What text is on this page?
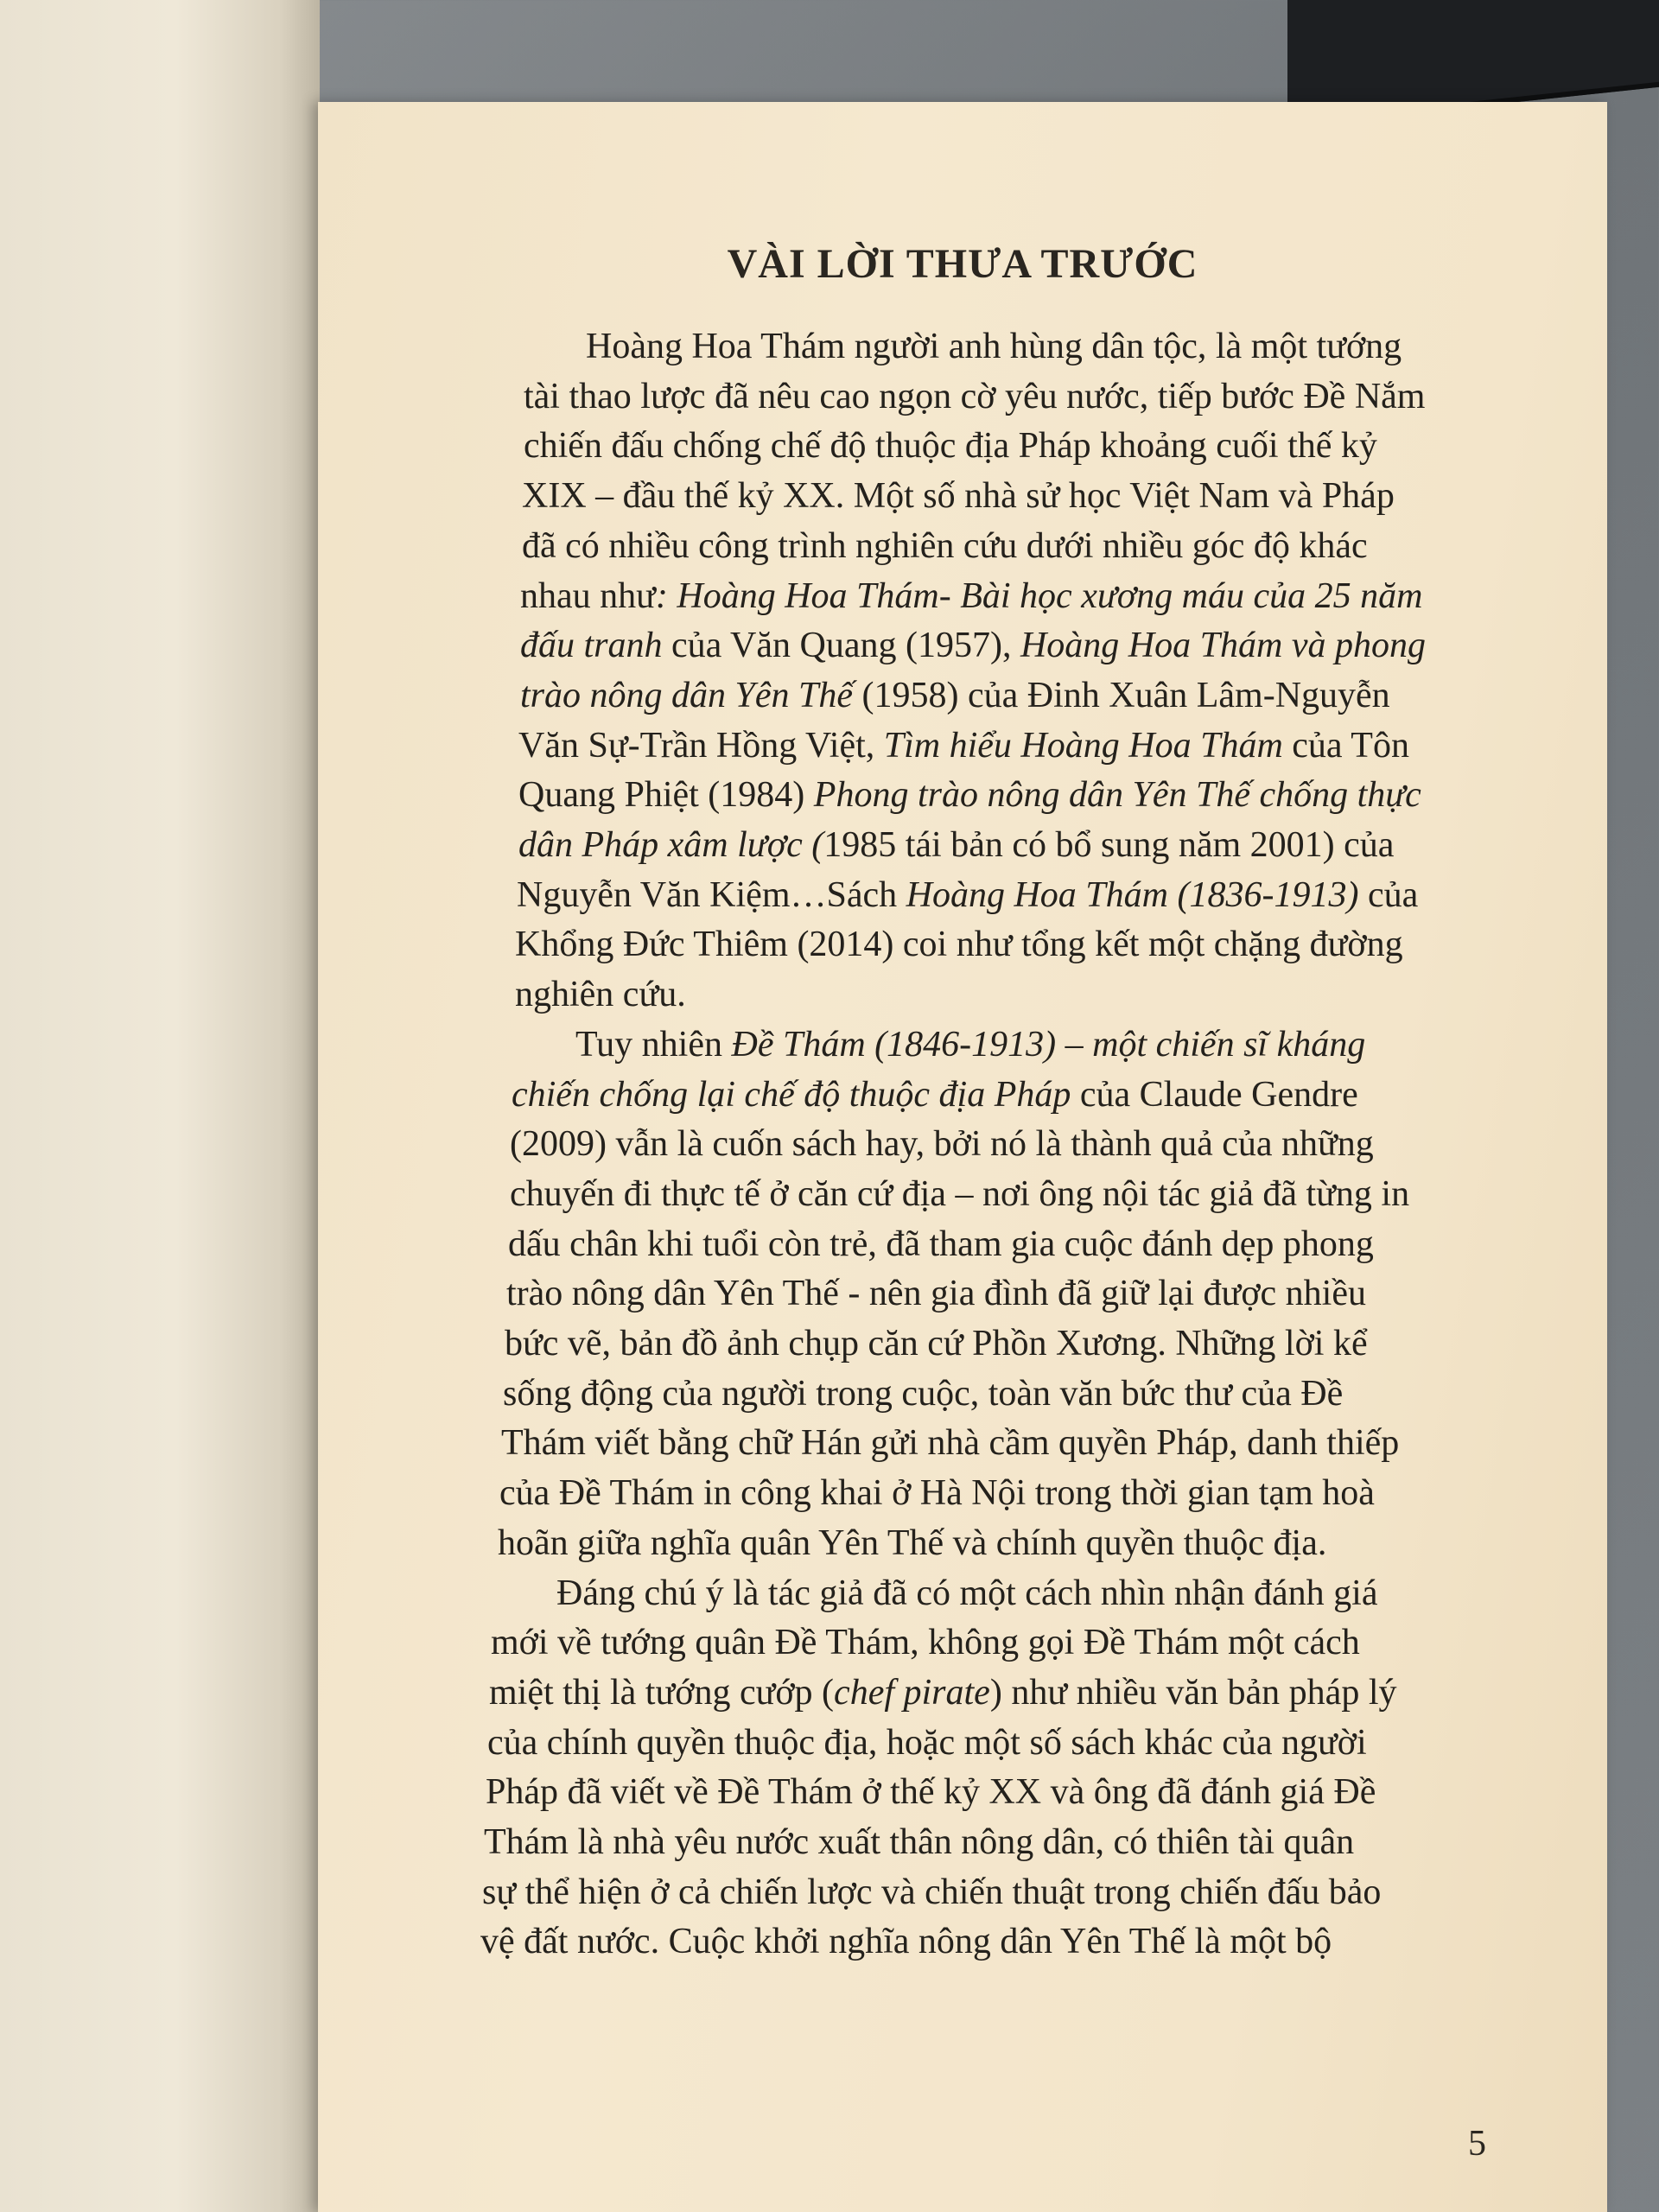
VÀI LỜI THƯA TRƯỚC
Hoàng Hoa Thám người anh hùng dân tộc, là một tướng
tài thao lược đã nêu cao ngọn cờ yêu nước, tiếp bước Đề Nắm
chiến đấu chống chế độ thuộc địa Pháp khoảng cuối thế kỷ
XIX – đầu thế kỷ XX. Một số nhà sử học Việt Nam và Pháp
đã có nhiều công trình nghiên cứu dưới nhiều góc độ khác
nhau như: Hoàng Hoa Thám- Bài học xương máu của 25 năm
đấu tranh của Văn Quang (1957), Hoàng Hoa Thám và phong
trào nông dân Yên Thế (1958) của Đinh Xuân Lâm-Nguyễn
Văn Sự-Trần Hồng Việt, Tìm hiểu Hoàng Hoa Thám của Tôn
Quang Phiệt (1984) Phong trào nông dân Yên Thế chống thực
dân Pháp xâm lược (1985 tái bản có bổ sung năm 2001) của
Nguyễn Văn Kiệm…Sách Hoàng Hoa Thám (1836-1913) của
Khổng Đức Thiêm (2014) coi như tổng kết một chặng đường
nghiên cứu.
Tuy nhiên Đề Thám (1846-1913) – một chiến sĩ kháng
chiến chống lại chế độ thuộc địa Pháp của Claude Gendre
(2009) vẫn là cuốn sách hay, bởi nó là thành quả của những
chuyến đi thực tế ở căn cứ địa – nơi ông nội tác giả đã từng in
dấu chân khi tuổi còn trẻ, đã tham gia cuộc đánh dẹp phong
trào nông dân Yên Thế - nên gia đình đã giữ lại được nhiều
bức vẽ, bản đồ ảnh chụp căn cứ Phồn Xương. Những lời kể
sống động của người trong cuộc, toàn văn bức thư của Đề
Thám viết bằng chữ Hán gửi nhà cầm quyền Pháp, danh thiếp
của Đề Thám in công khai ở Hà Nội trong thời gian tạm hoà
hoãn giữa nghĩa quân Yên Thế và chính quyền thuộc địa.
Đáng chú ý là tác giả đã có một cách nhìn nhận đánh giá
mới về tướng quân Đề Thám, không gọi Đề Thám một cách
miệt thị là tướng cướp (chef pirate) như nhiều văn bản pháp lý
của chính quyền thuộc địa, hoặc một số sách khác của người
Pháp đã viết về Đề Thám ở thế kỷ XX và ông đã đánh giá Đề
Thám là nhà yêu nước xuất thân nông dân, có thiên tài quân
sự thể hiện ở cả chiến lược và chiến thuật trong chiến đấu bảo
vệ đất nước. Cuộc khởi nghĩa nông dân Yên Thế là một bộ
5
